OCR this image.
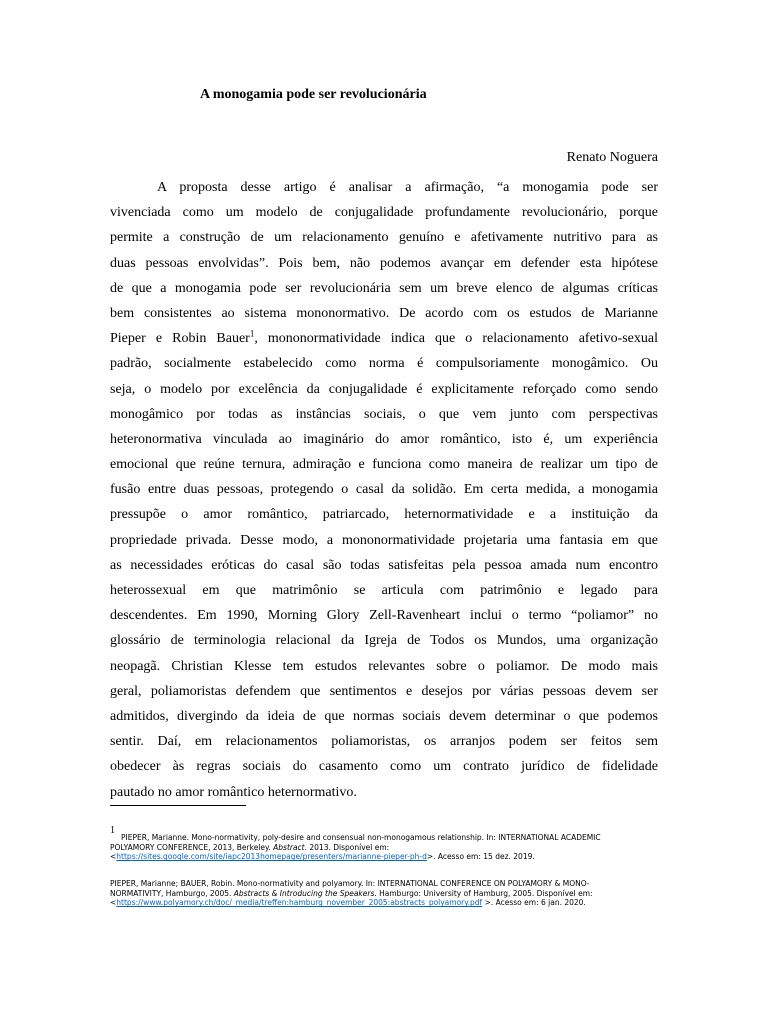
A monogamia pode ser revolucionária
Renato Noguera
A proposta desse artigo é analisar a afirmação, “a monogamia pode ser
vivenciada como um modelo de conjugalidade profundamente revolucionário, porque
permite a construção de um relacionamento genuíno e afetivamente nutritivo para as
duas pessoas envolvidas”. Pois bem, não podemos avançar em defender esta hipótese
de que a monogamia pode ser revolucionária sem um breve elenco de algumas críticas
bem consistentes ao sistema mononormativo. De acordo com os estudos de Marianne
Pieper e Robin Bauer$^1$, mononormatividade indica que o relacionamento afetivo-sexual
padrão, socialmente estabelecido como norma é compulsoriamente monogâmico. Ou
seja, o modelo por excelência da conjugalidade é explicitamente reforçado como sendo
monogâmico por todas as instâncias sociais, o que vem junto com perspectivas
heteronormativa vinculada ao imaginário do amor romântico, isto é, um experiência
emocional que reúne ternura, admiração e funciona como maneira de realizar um tipo de
fusão entre duas pessoas, protegendo o casal da solidão. Em certa medida, a monogamia
pressupõe o amor romântico, patriarcado, heternormatividade e a instituição da
propriedade privada. Desse modo, a mononormatividade projetaria uma fantasia em que
as necessidades eróticas do casal são todas satisfeitas pela pessoa amada num encontro
heterossexual em que matrimônio se articula com patrimônio e legado para
descendentes. Em 1990, Morning Glory Zell-Ravenheart inclui o termo “poliamor” no
glossário de terminologia relacional da Igreja de Todos os Mundos, uma organização
neopagã. Christian Klesse tem estudos relevantes sobre o poliamor. De modo mais
geral, poliamoristas defendem que sentimentos e desejos por várias pessoas devem ser
admitidos, divergindo da ideia de que normas sociais devem determinar o que podemos
sentir. Daí, em relacionamentos poliamoristas, os arranjos podem ser feitos sem
obedecer às regras sociais do casamento como um contrato jurídico de fidelidade
pautado no amor romântico heternormativo.
1PIEPER, Marianne. Mono-normativity, poly-desire and consensual non-monogamous relationship. In: INTERNATIONAL ACADEMIC
POLYAMORY CONFERENCE, 2013, Berkeley. Abstract. 2013. Disponível em:
<https://sites.google.com/site/iapc2013homepage/presenters/marianne-pieper-ph-d>. Acesso em: 15 dez. 2019.
PIEPER, Marianne; BAUER, Robin. Mono-normativity and polyamory. In: INTERNATIONAL CONFERENCE ON POLYAMORY & MONO-
NORMATIVITY, Hamburgo, 2005. Abstracts & Introducing the Speakers. Hamburgo: University of Hamburg, 2005. Disponível em:
<https://www.polyamory.ch/doc/_media/treffen:hamburg_november_2005:abstracts_polyamory.pdf >. Acesso em: 6 jan. 2020.
